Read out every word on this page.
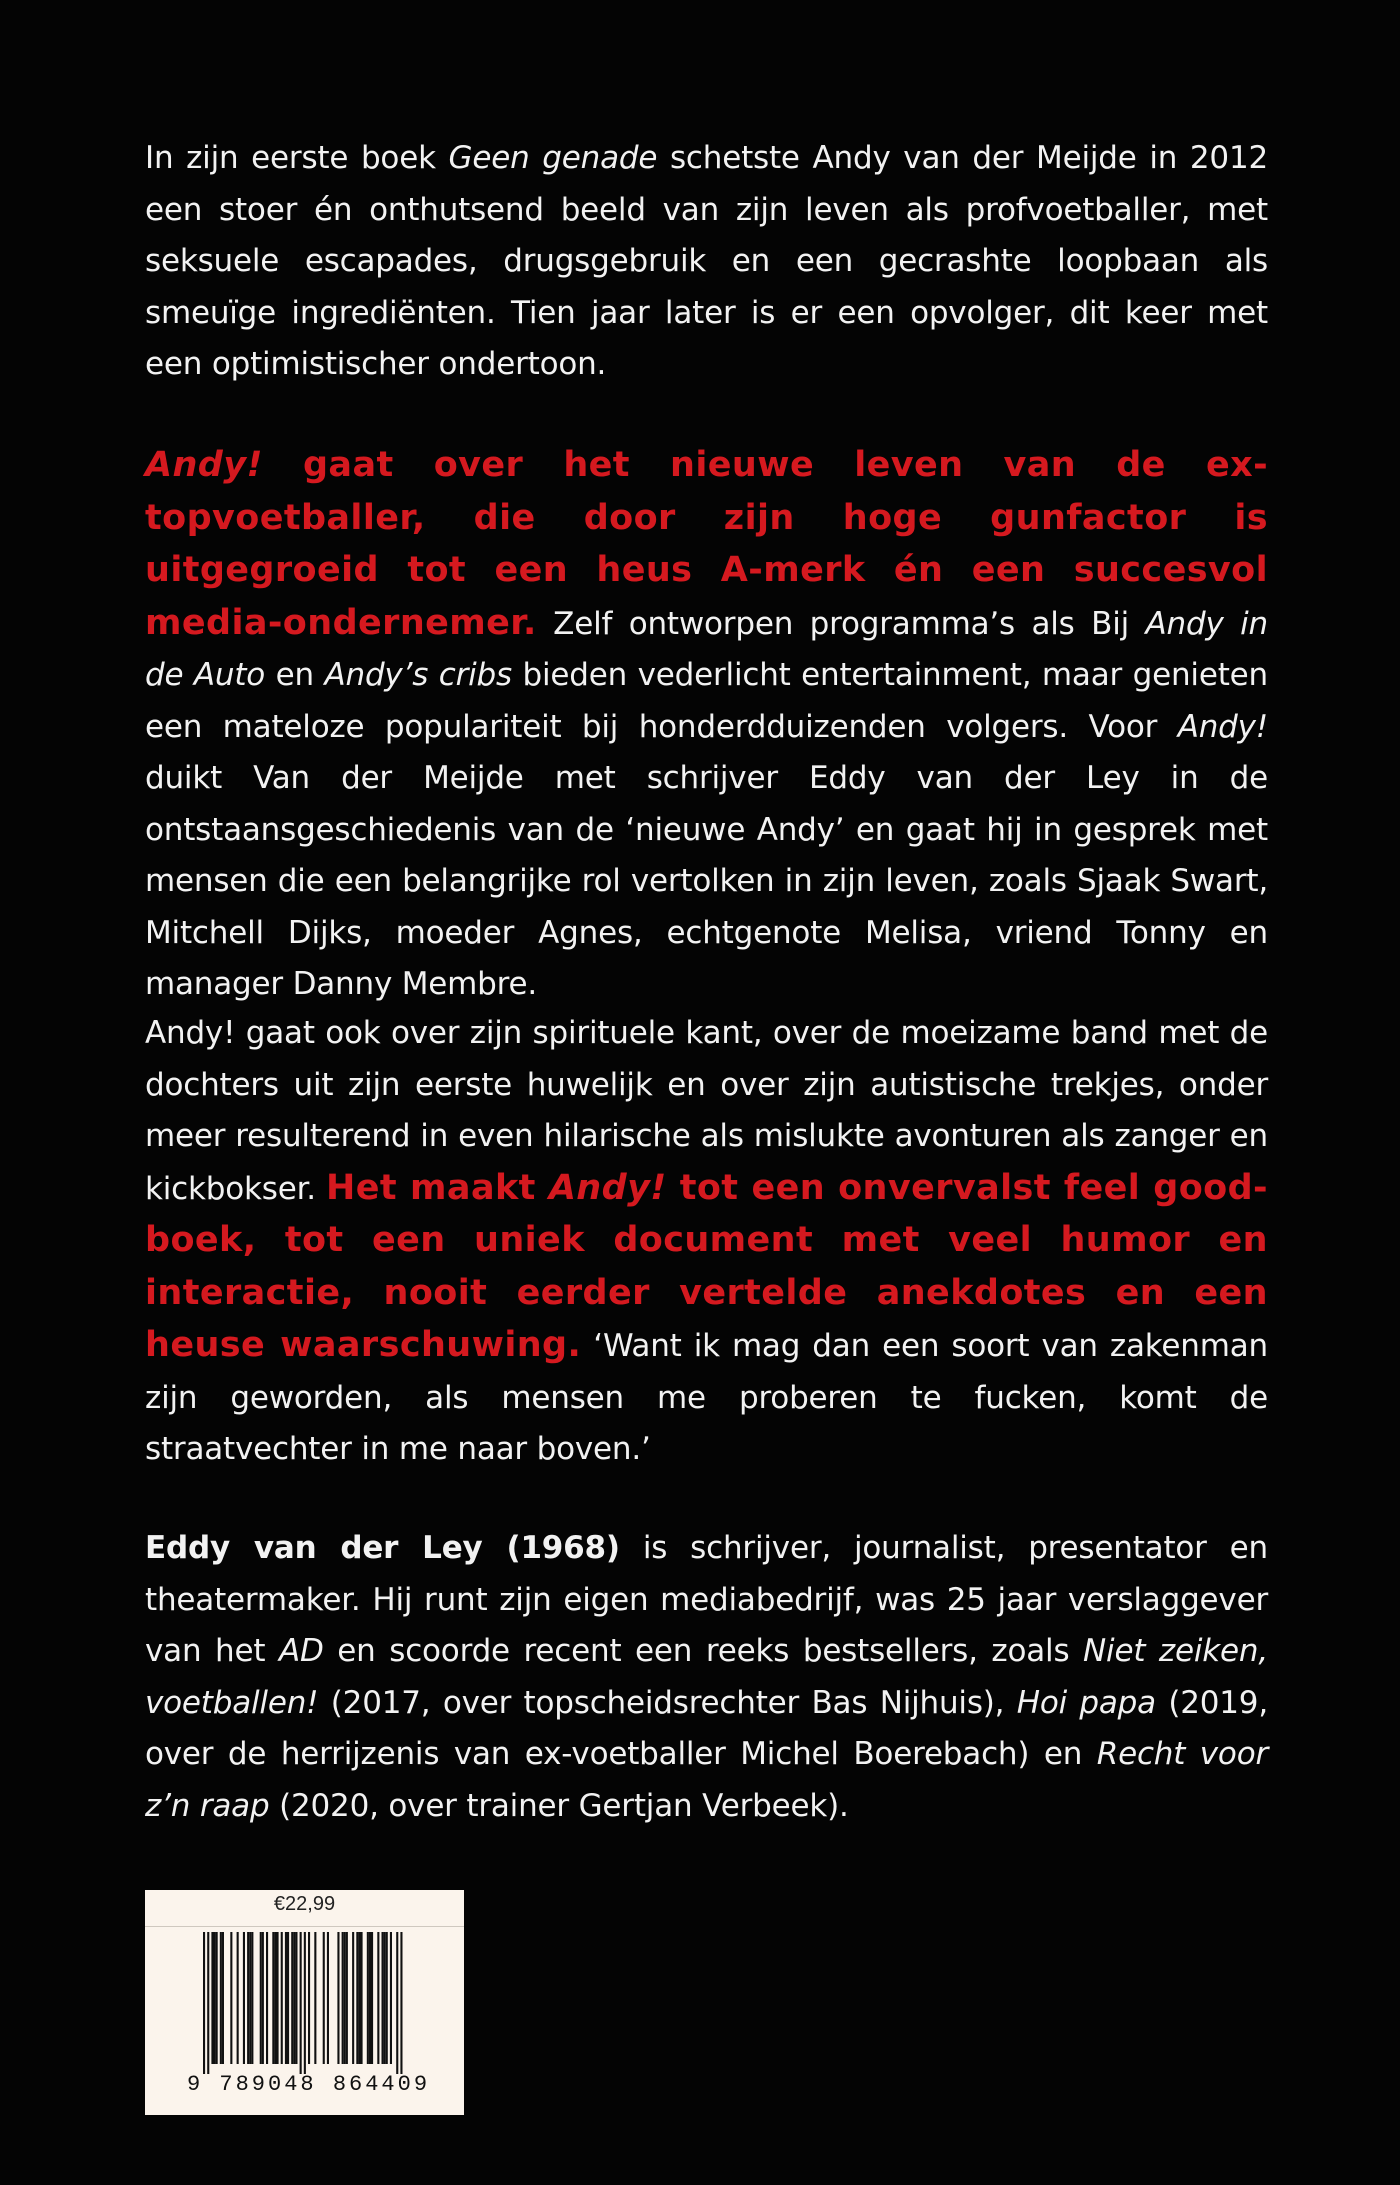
In zijn eerste boek Geen genade schetste Andy van der Meijde in 2012 een stoer én onthutsend beeld van zijn leven als profvoetballer, met seksuele escapades, drugsgebruik en een gecrashte loopbaan als smeuïge ingrediënten. Tien jaar later is er een opvolger, dit keer met een optimistischer ondertoon.

Andy! gaat over het nieuwe leven van de ex-topvoetballer, die door zijn hoge gunfactor is uitgegroeid tot een heus A-merk én een succesvol media-ondernemer. Zelf ontworpen programma’s als Bij Andy in de Auto en Andy’s cribs bieden vederlicht entertainment, maar genieten een mateloze populariteit bij honderdduizenden volgers. Voor Andy! duikt Van der Meijde met schrijver Eddy van der Ley in de ontstaansgeschiedenis van de ‘nieuwe Andy’ en gaat hij in gesprek met mensen die een belangrijke rol vertolken in zijn leven, zoals Sjaak Swart, Mitchell Dijks, moeder Agnes, echtgenote Melisa, vriend Tonny en manager Danny Membre.

Andy! gaat ook over zijn spirituele kant, over de moeizame band met de dochters uit zijn eerste huwelijk en over zijn autistische trekjes, onder meer resulterend in even hilarische als mislukte avonturen als zanger en kickbokser. Het maakt Andy! tot een onvervalst feel good-boek, tot een uniek document met veel humor en interactie, nooit eerder vertelde anekdotes en een heuse waarschuwing. ‘Want ik mag dan een soort van zakenman zijn geworden, als mensen me proberen te fucken, komt de straatvechter in me naar boven.’

Eddy van der Ley (1968) is schrijver, journalist, presentator en theatermaker. Hij runt zijn eigen mediabedrijf, was 25 jaar verslaggever van het AD en scoorde recent een reeks bestsellers, zoals Niet zeiken, voetballen! (2017, over topscheidsrechter Bas Nijhuis), Hoi papa (2019, over de herrijzenis van ex-voetballer Michel Boerebach) en Recht voor z’n raap (2020, over trainer Gertjan Verbeek).

€22,99
9 789048 864409
